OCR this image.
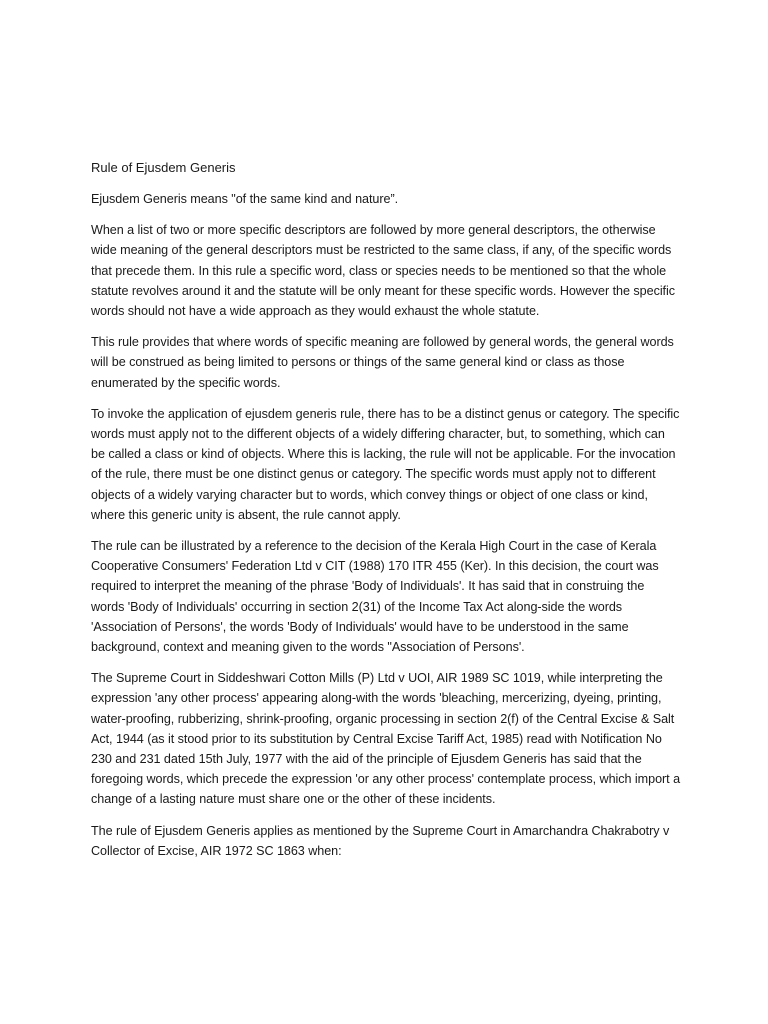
Rule of Ejusdem Generis

Ejusdem Generis means "of the same kind and nature”.

When a list of two or more specific descriptors are followed by more general descriptors, the otherwise wide meaning of the general descriptors must be restricted to the same class, if any, of the specific words that precede them. In this rule a specific word, class or species needs to be mentioned so that the whole statute revolves around it and the statute will be only meant for these specific words. However the specific words should not have a wide approach as they would exhaust the whole statute.

This rule provides that where words of specific meaning are followed by general words, the general words will be construed as being limited to persons or things of the same general kind or class as those enumerated by the specific words.

To invoke the application of ejusdem generis rule, there has to be a distinct genus or category. The specific words must apply not to the different objects of a widely differing character, but, to something, which can be called a class or kind of objects. Where this is lacking, the rule will not be applicable. For the invocation of the rule, there must be one distinct genus or category. The specific words must apply not to different objects of a widely varying character but to words, which convey things or object of one class or kind, where this generic unity is absent, the rule cannot apply.

The rule can be illustrated by a reference to the decision of the Kerala High Court in the case of Kerala Cooperative Consumers' Federation Ltd v CIT (1988) 170 ITR 455 (Ker). In this decision, the court was required to interpret the meaning of the phrase 'Body of Individuals'. It has said that in construing the words 'Body of Individuals' occurring in section 2(31) of the Income Tax Act along-side the words 'Association of Persons', the words 'Body of Individuals' would have to be understood in the same background, context and meaning given to the words "Association of Persons'.

The Supreme Court in Siddeshwari Cotton Mills (P) Ltd v UOI, AIR 1989 SC 1019, while interpreting the expression 'any other process' appearing along-with the words 'bleaching, mercerizing, dyeing, printing, water-proofing, rubberizing, shrink-proofing, organic processing in section 2(f) of the Central Excise & Salt Act, 1944 (as it stood prior to its substitution by Central Excise Tariff Act, 1985) read with Notification No 230 and 231 dated 15th July, 1977 with the aid of the principle of Ejusdem Generis has said that the foregoing words, which precede the expression 'or any other process' contemplate process, which import a change of a lasting nature must share one or the other of these incidents.

The rule of Ejusdem Generis applies as mentioned by the Supreme Court in Amarchandra Chakrabotry v Collector of Excise, AIR 1972 SC 1863 when:
